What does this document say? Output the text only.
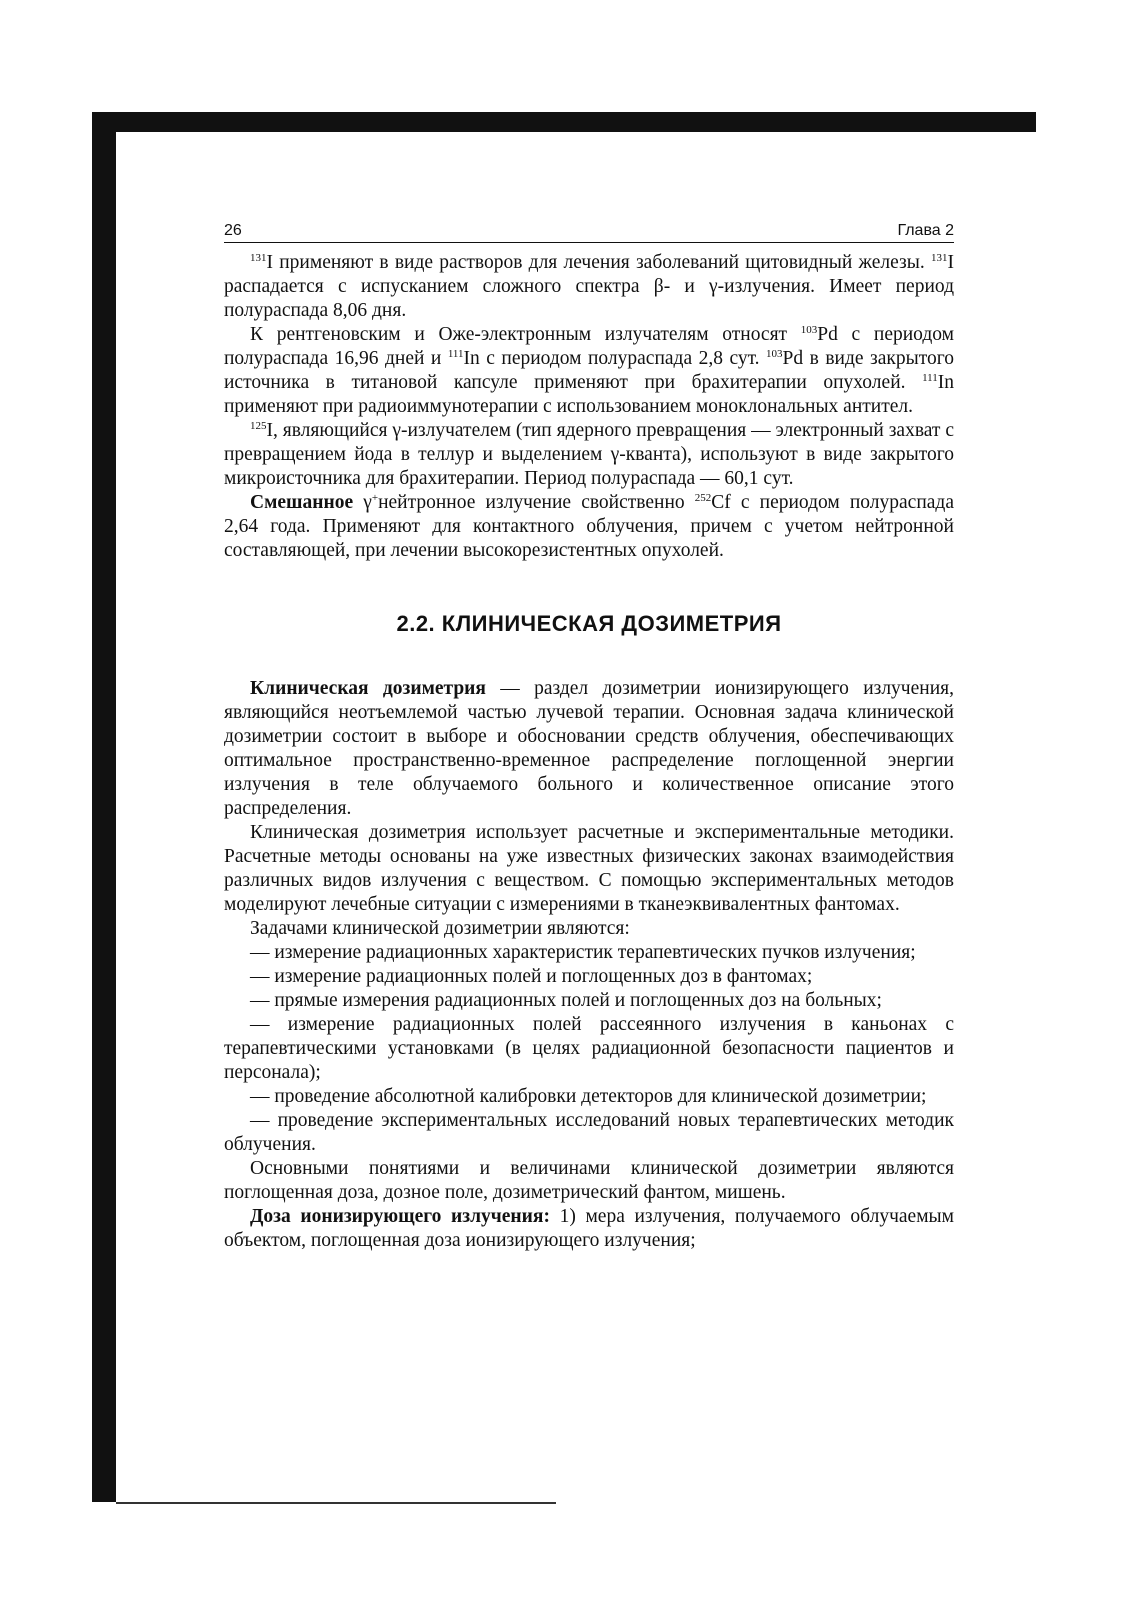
26	Глава 2

$^{131}$I применяют в виде растворов для лечения заболеваний щитовидный железы. $^{131}$I распадается с испусканием сложного спектра β- и γ-излучения. Имеет период полураспада 8,06 дня.

К рентгеновским и Оже-электронным излучателям относят $^{103}$Pd с периодом полураспада 16,96 дней и $^{111}$In с периодом полураспада 2,8 сут. $^{103}$Pd в виде закрытого источника в титановой капсуле применяют при брахитерапии опухолей. $^{111}$In применяют при радиоиммунотерапии с использованием моноклональных антител.

$^{125}$I, являющийся γ-излучателем (тип ядерного превращения — электронный захват с превращением йода в теллур и выделением γ-кванта), используют в виде закрытого микроисточника для брахитерапии. Период полураспада — 60,1 сут.

Смешанное γ+нейтронное излучение свойственно $^{252}$Cf с периодом полураспада 2,64 года. Применяют для контактного облучения, причем с учетом нейтронной составляющей, при лечении высокорезистентных опухолей.

2.2. КЛИНИЧЕСКАЯ ДОЗИМЕТРИЯ

Клиническая дозиметрия — раздел дозиметрии ионизирующего излучения, являющийся неотъемлемой частью лучевой терапии. Основная задача клинической дозиметрии состоит в выборе и обосновании средств облучения, обеспечивающих оптимальное пространственно-временное распределение поглощенной энергии излучения в теле облучаемого больного и количественное описание этого распределения.

Клиническая дозиметрия использует расчетные и экспериментальные методики. Расчетные методы основаны на уже известных физических законах взаимодействия различных видов излучения с веществом. С помощью экспериментальных методов моделируют лечебные ситуации с измерениями в тканеэквивалентных фантомах.

Задачами клинической дозиметрии являются:

— измерение радиационных характеристик терапевтических пучков излучения;

— измерение радиационных полей и поглощенных доз в фантомах;

— прямые измерения радиационных полей и поглощенных доз на больных;

— измерение радиационных полей рассеянного излучения в каньонах с терапевтическими установками (в целях радиационной безопасности пациентов и персонала);

— проведение абсолютной калибровки детекторов для клинической дозиметрии;

— проведение экспериментальных исследований новых терапевтических методик облучения.

Основными понятиями и величинами клинической дозиметрии являются поглощенная доза, дозное поле, дозиметрический фантом, мишень.

Доза ионизирующего излучения: 1) мера излучения, получаемого облучаемым объектом, поглощенная доза ионизирующего излучения;
